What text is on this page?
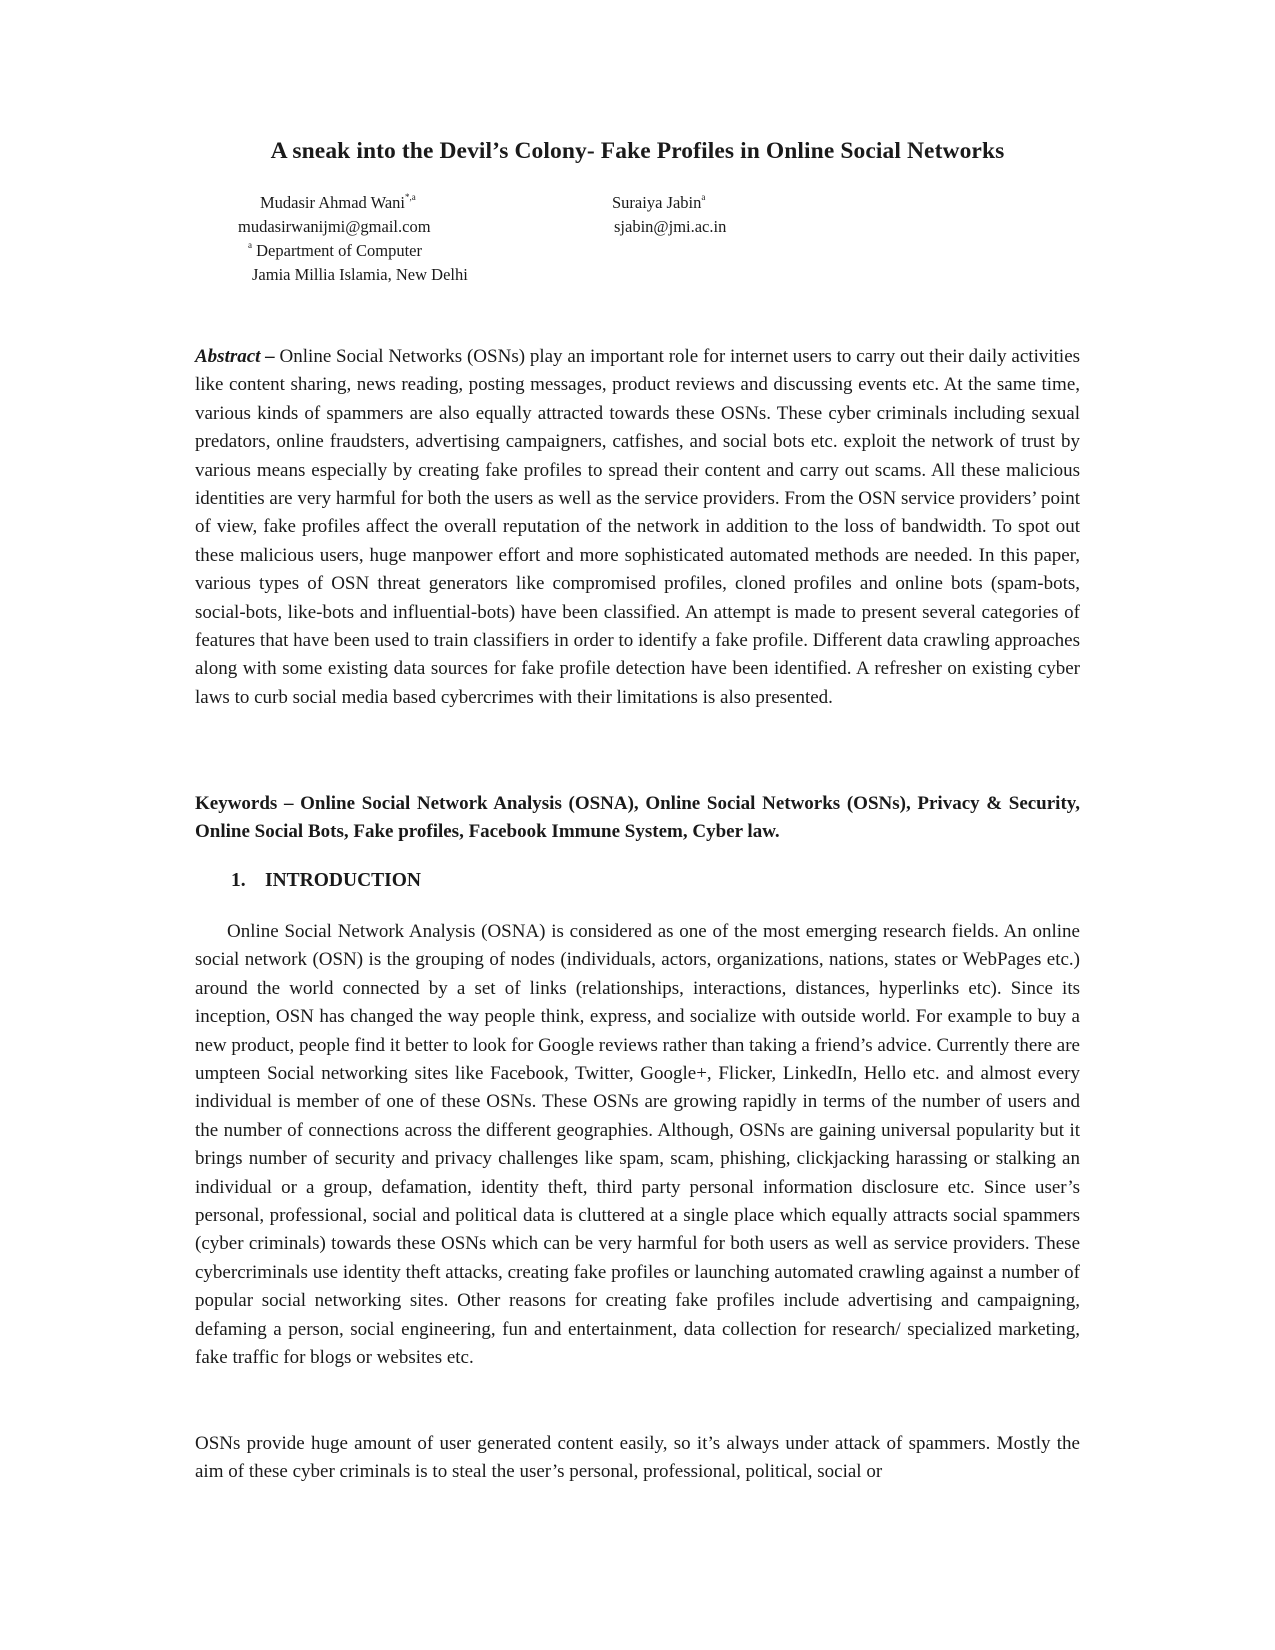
A sneak into the Devil’s Colony- Fake Profiles in Online Social Networks
Mudasir Ahmad Wani$^{*,a}$
mudasirwanijmi@gmail.com
$^a$ Department of Computer
Jamia Millia Islamia, New Delhi
Suraiya Jabin$^a$
sjabin@jmi.ac.in

Abstract – Online Social Networks (OSNs) play an important role for internet users to carry out their daily activities like content sharing, news reading, posting messages, product reviews and discussing events etc. At the same time, various kinds of spammers are also equally attracted towards these OSNs. These cyber criminals including sexual predators, online fraudsters, advertising campaigners, catfishes, and social bots etc. exploit the network of trust by various means especially by creating fake profiles to spread their content and carry out scams. All these malicious identities are very harmful for both the users as well as the service providers. From the OSN service providers’ point of view, fake profiles affect the overall reputation of the network in addition to the loss of bandwidth. To spot out these malicious users, huge manpower effort and more sophisticated automated methods are needed. In this paper, various types of OSN threat generators like compromised profiles, cloned profiles and online bots (spam-bots, social-bots, like-bots and influential-bots) have been classified. An attempt is made to present several categories of features that have been used to train classifiers in order to identify a fake profile. Different data crawling approaches along with some existing data sources for fake profile detection have been identified. A refresher on existing cyber laws to curb social media based cybercrimes with their limitations is also presented.

Keywords – Online Social Network Analysis (OSNA), Online Social Networks (OSNs), Privacy & Security, Online Social Bots, Fake profiles, Facebook Immune System, Cyber law.

1. INTRODUCTION

Online Social Network Analysis (OSNA) is considered as one of the most emerging research fields. An online social network (OSN) is the grouping of nodes (individuals, actors, organizations, nations, states or WebPages etc.) around the world connected by a set of links (relationships, interactions, distances, hyperlinks etc). Since its inception, OSN has changed the way people think, express, and socialize with outside world. For example to buy a new product, people find it better to look for Google reviews rather than taking a friend’s advice. Currently there are umpteen Social networking sites like Facebook, Twitter, Google+, Flicker, LinkedIn, Hello etc. and almost every individual is member of one of these OSNs. These OSNs are growing rapidly in terms of the number of users and the number of connections across the different geographies. Although, OSNs are gaining universal popularity but it brings number of security and privacy challenges like spam, scam, phishing, clickjacking harassing or stalking an individual or a group, defamation, identity theft, third party personal information disclosure etc. Since user’s personal, professional, social and political data is cluttered at a single place which equally attracts social spammers (cyber criminals) towards these OSNs which can be very harmful for both users as well as service providers. These cybercriminals use identity theft attacks, creating fake profiles or launching automated crawling against a number of popular social networking sites. Other reasons for creating fake profiles include advertising and campaigning, defaming a person, social engineering, fun and entertainment, data collection for research/ specialized marketing, fake traffic for blogs or websites etc.

OSNs provide huge amount of user generated content easily, so it’s always under attack of spammers. Mostly the aim of these cyber criminals is to steal the user’s personal, professional, political, social or
